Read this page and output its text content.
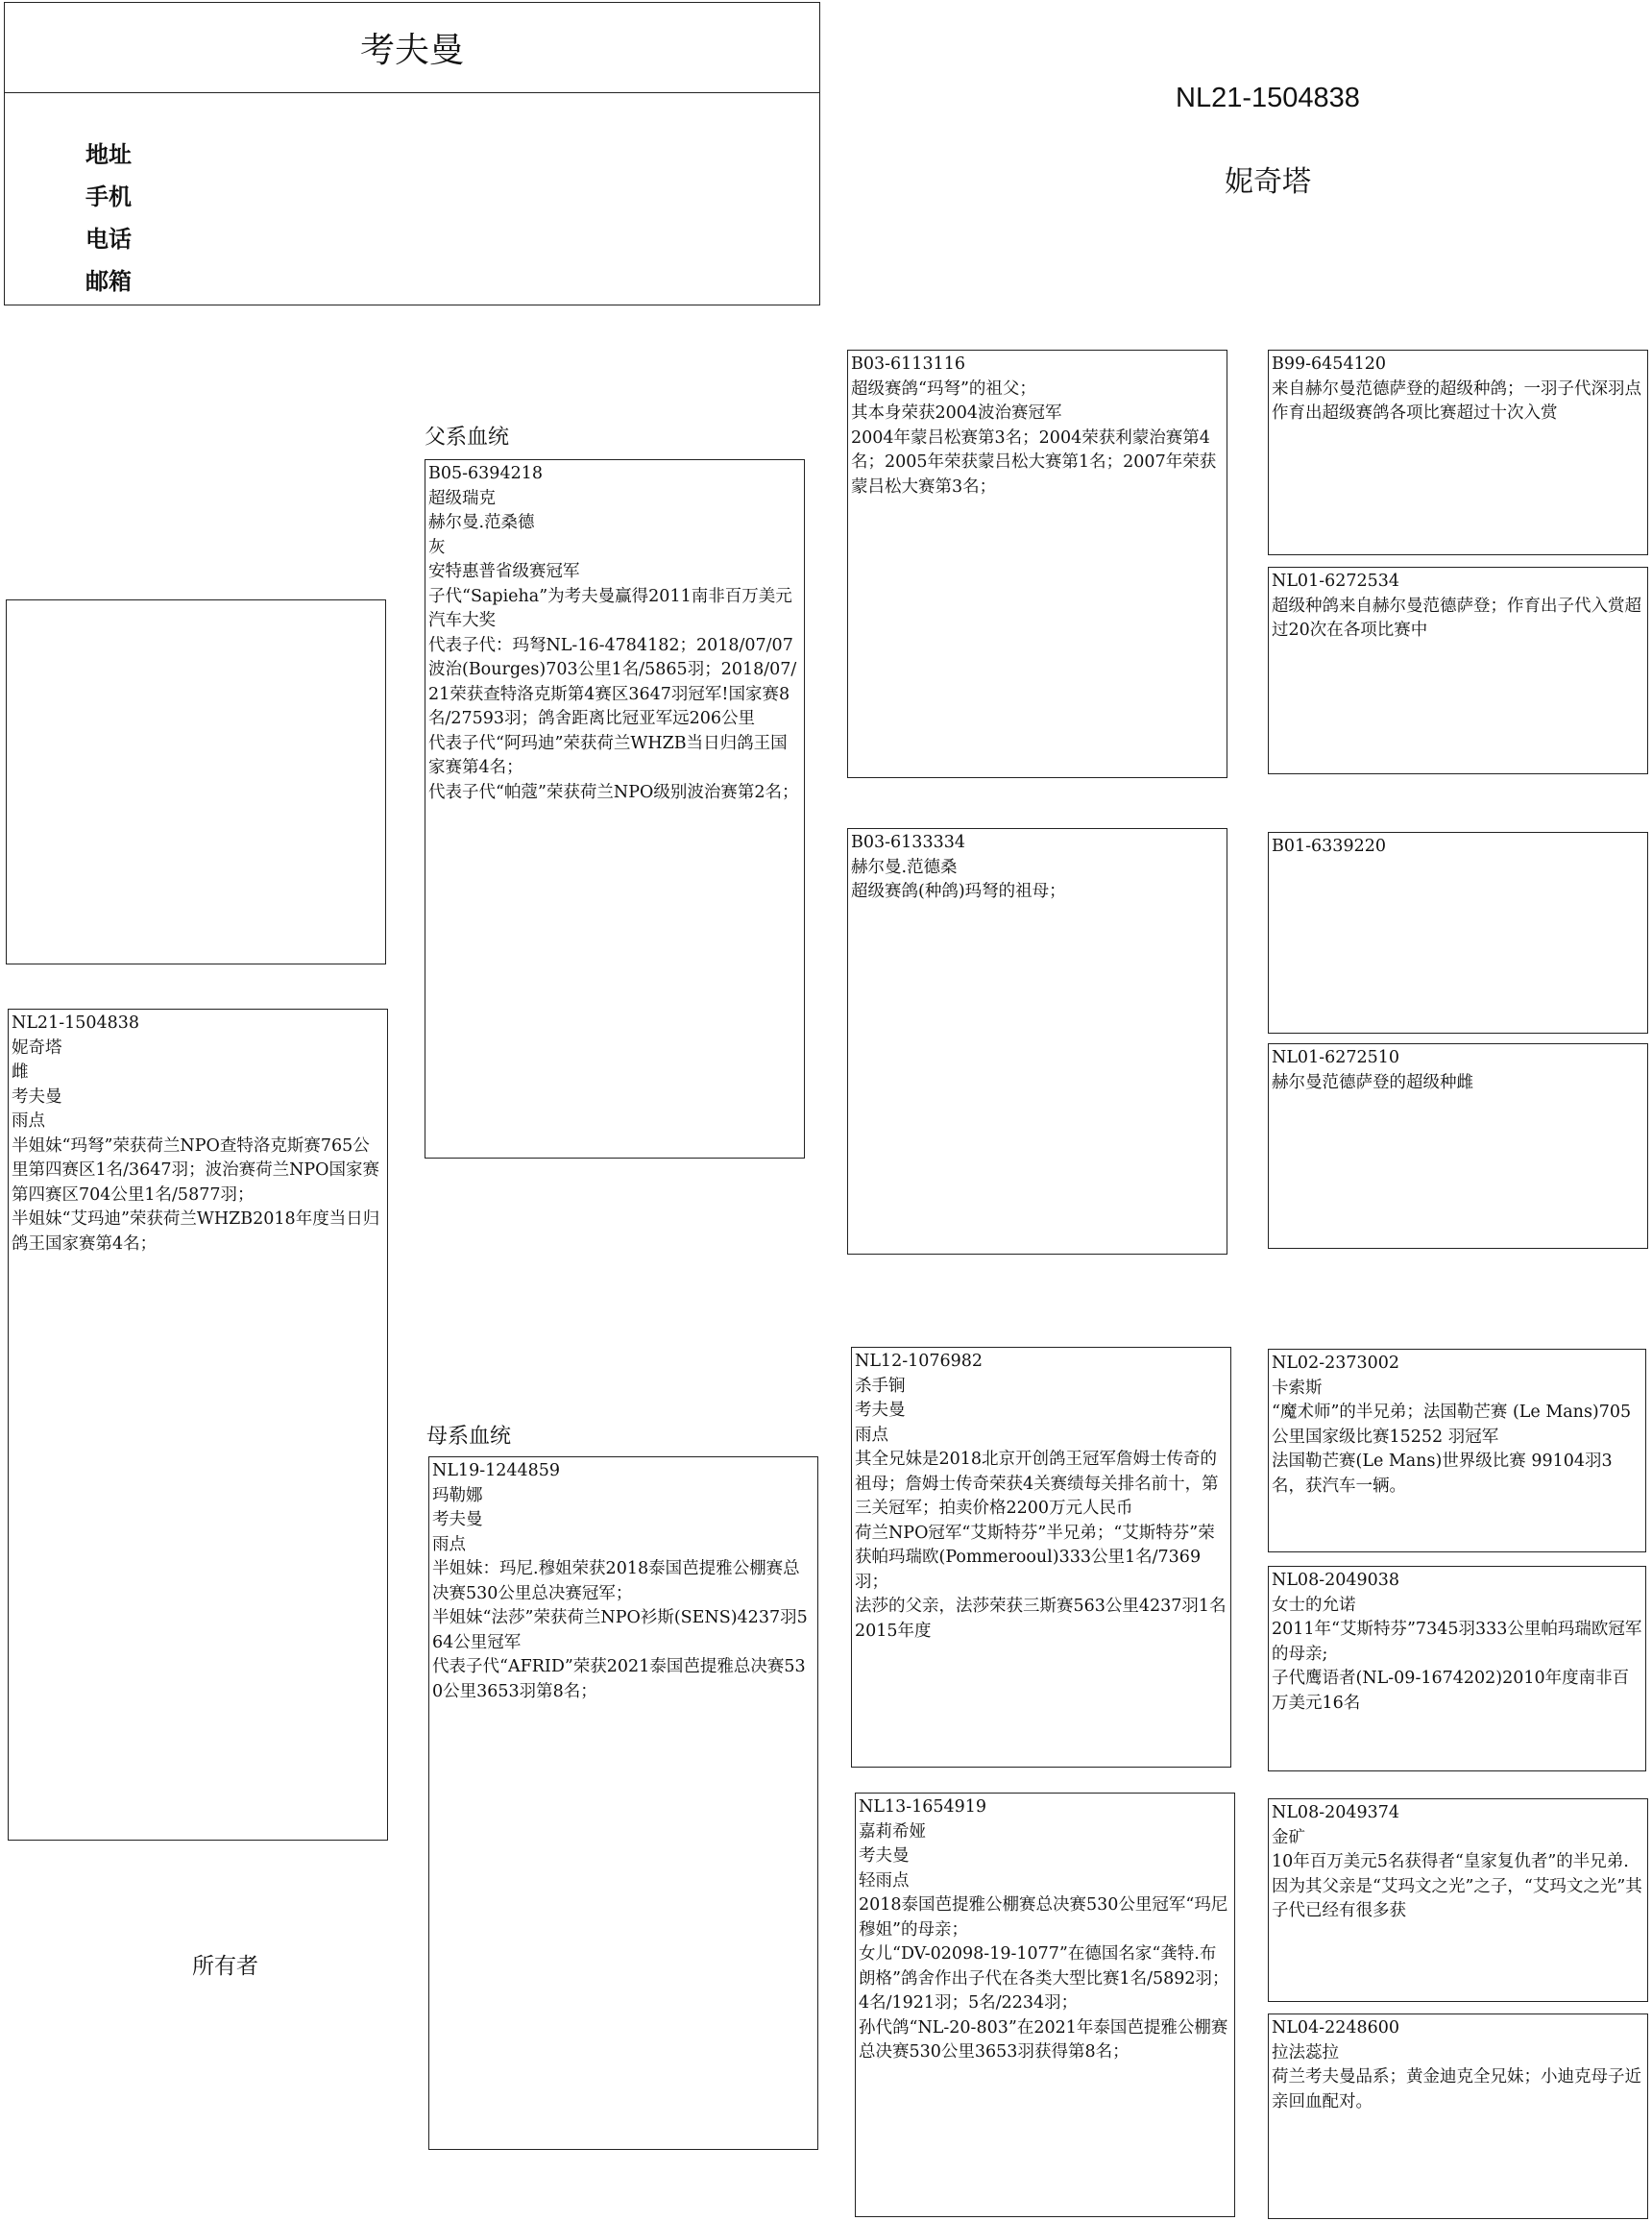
考夫曼
地址
手机
电话
邮箱
NL21-1504838
妮奇塔
父系血统
母系血统
所有者
NL21-1504838
妮奇塔
雌
考夫曼
雨点
半姐妹“玛弩”荣获荷兰NPO查特洛克斯赛765公里第四赛区1名/3647羽；波治赛荷兰NPO国家赛第四赛区704公里1名/5877羽；
半姐妹“艾玛迪”荣获荷兰WHZB2018年度当日归鸽王国家赛第4名；
B05-6394218
超级瑞克
赫尔曼.范桑德
灰
安特惠普省级赛冠军
子代“Sapieha”为考夫曼赢得2011南非百万美元汽车大奖
代表子代：玛弩NL-16-4784182；2018/07/07波治(Bourges)703公里1名/5865羽；2018/07/21荣获查特洛克斯第4赛区3647羽冠军!国家赛8名/27593羽；鸽舍距离比冠亚军远206公里
代表子代“阿玛迪”荣获荷兰WHZB当日归鸽王国家赛第4名；
代表子代“帕蔻”荣获荷兰NPO级别波治赛第2名；
NL19-1244859
玛勒娜
考夫曼
雨点
半姐妹：玛尼.穆姐荣获2018泰国芭提雅公棚赛总决赛530公里总决赛冠军；
半姐妹“法莎”荣获荷兰NPO衫斯(SENS)4237羽564公里冠军
代表子代“AFRID”荣获2021泰国芭提雅总决赛530公里3653羽第8名；
B03-6113116
超级赛鸽“玛弩”的祖父；
其本身荣获2004波治赛冠军
2004年蒙吕松赛第3名；2004荣获利蒙治赛第4名；2005年荣获蒙吕松大赛第1名；2007年荣获蒙吕松大赛第3名；
B03-6133334
赫尔曼.范德桑
超级赛鸽(种鸽)玛弩的祖母；
NL12-1076982
杀手锏
考夫曼
雨点
其全兄妹是2018北京开创鸽王冠军詹姆士传奇的祖母；詹姆士传奇荣获4关赛绩每关排名前十，第三关冠军；拍卖价格2200万元人民币
荷兰NPO冠军“艾斯特芬”半兄弟；“艾斯特芬”荣获帕玛瑞欧(Pommerooul)333公里1名/7369羽；
法莎的父亲，法莎荣获三斯赛563公里4237羽1名2015年度
NL13-1654919
嘉莉希娅
考夫曼
轻雨点
2018泰国芭提雅公棚赛总决赛530公里冠军“玛尼穆姐”的母亲；
女儿“DV-02098-19-1077”在德国名家“龚特.布朗格”鸽舍作出子代在各类大型比赛1名/5892羽；4名/1921羽；5名/2234羽；
孙代鸽“NL-20-803”在2021年泰国芭提雅公棚赛总决赛530公里3653羽获得第8名；
B99-6454120
来自赫尔曼范德萨登的超级种鸽；一羽子代深羽点作育出超级赛鸽各项比赛超过十次入赏
NL01-6272534
超级种鸽来自赫尔曼范德萨登；作育出子代入赏超过20次在各项比赛中
B01-6339220
NL01-6272510
赫尔曼范德萨登的超级种雌
NL02-2373002
卡索斯
“魔术师”的半兄弟；法国勒芒赛 (Le Mans)705公里国家级比赛15252 羽冠军
法国勒芒赛(Le Mans)世界级比赛 99104羽3名，获汽车一辆。
NL08-2049038
女士的允诺
2011年“艾斯特芬”7345羽333公里帕玛瑞欧冠军的母亲;
子代鹰语者(NL-09-1674202)2010年度南非百万美元16名
NL08-2049374
金矿
10年百万美元5名获得者“皇家复仇者”的半兄弟.
因为其父亲是“艾玛文之光”之子，“艾玛文之光”其子代已经有很多获
NL04-2248600
拉法蕊拉
荷兰考夫曼品系；黄金迪克全兄妹；小迪克母子近亲回血配对。
